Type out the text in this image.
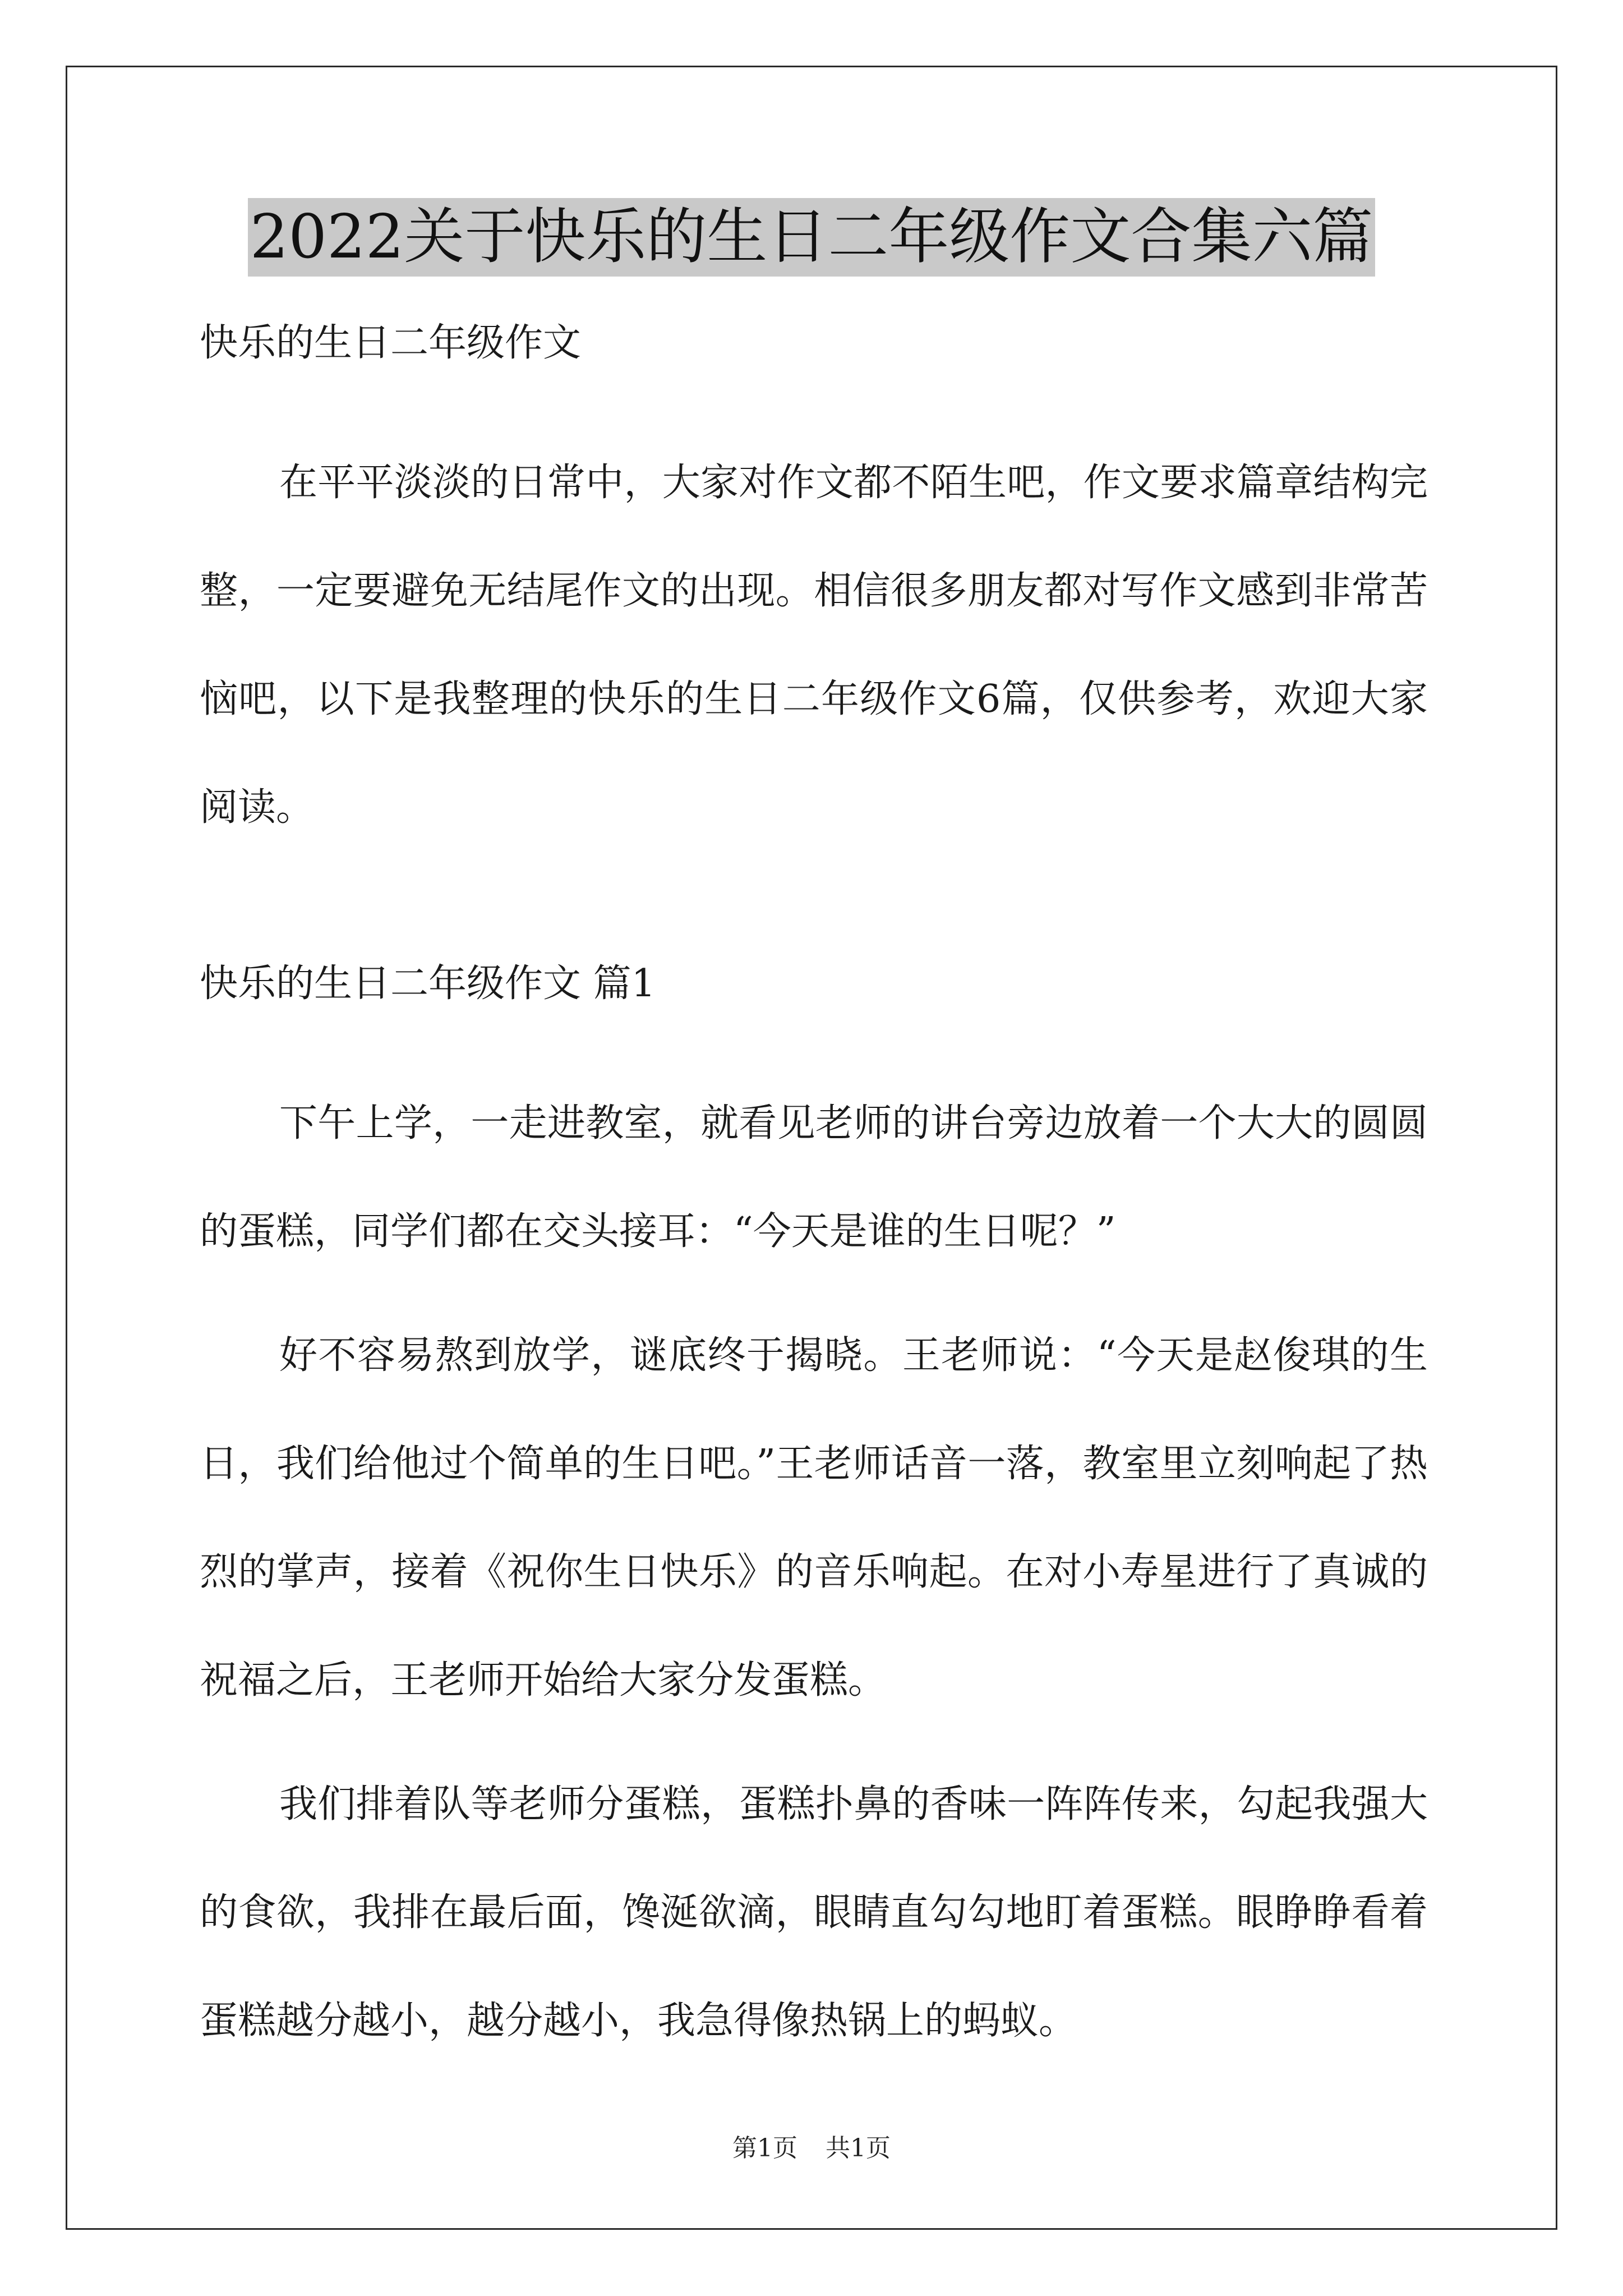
2022关于快乐的生日二年级作文合集六篇

快乐的生日二年级作文

在平平淡淡的日常中，大家对作文都不陌生吧，作文要求篇章结构完整，一定要避免无结尾作文的出现。相信很多朋友都对写作文感到非常苦恼吧，以下是我整理的快乐的生日二年级作文6篇，仅供参考，欢迎大家阅读。

快乐的生日二年级作文 篇1

下午上学，一走进教室，就看见老师的讲台旁边放着一个大大的圆圆的蛋糕，同学们都在交头接耳：“今天是谁的生日呢？”

好不容易熬到放学，谜底终于揭晓。王老师说：“今天是赵俊琪的生日，我们给他过个简单的生日吧。”王老师话音一落，教室里立刻响起了热烈的掌声，接着《祝你生日快乐》的音乐响起。在对小寿星进行了真诚的祝福之后，王老师开始给大家分发蛋糕。

我们排着队等老师分蛋糕，蛋糕扑鼻的香味一阵阵传来，勾起我强大的食欲，我排在最后面，馋涎欲滴，眼睛直勾勾地盯着蛋糕。眼睁睁看着蛋糕越分越小，越分越小，我急得像热锅上的蚂蚁。

第1页 共1页
